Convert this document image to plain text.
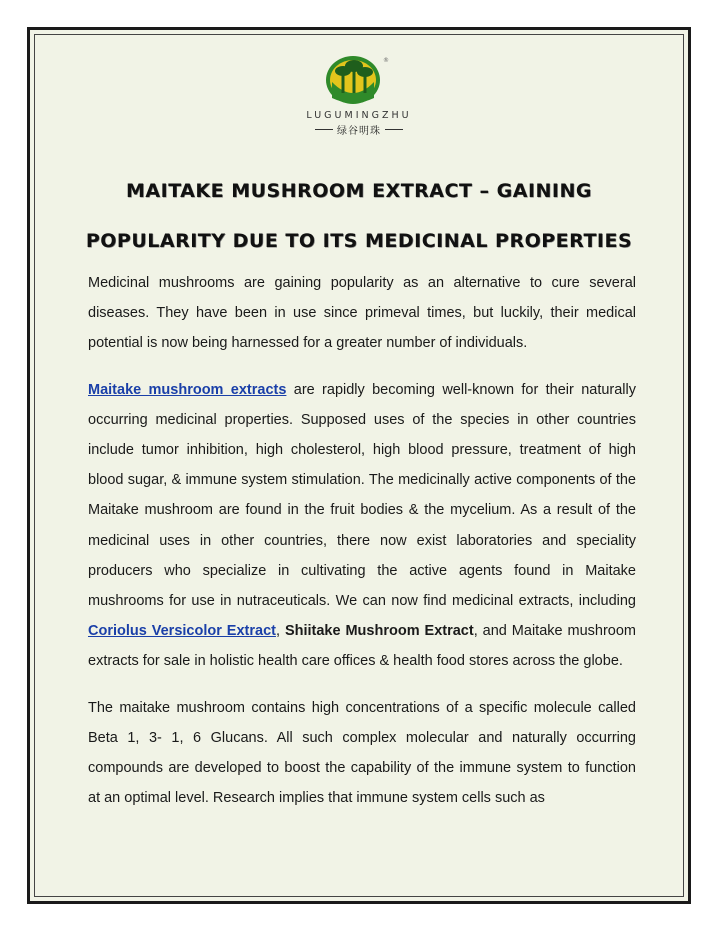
®
LUGUMINGZHU
绿谷明珠
MAITAKE MUSHROOM EXTRACT – GAINING
POPULARITY DUE TO ITS MEDICINAL PROPERTIES

Medicinal mushrooms are gaining popularity as an alternative to cure several diseases. They have been in use since primeval times, but luckily, their medical potential is now being harnessed for a greater number of individuals.

Maitake mushroom extracts are rapidly becoming well-known for their naturally occurring medicinal properties. Supposed uses of the species in other countries include tumor inhibition, high cholesterol, high blood pressure, treatment of high blood sugar, & immune system stimulation. The medicinally active components of the Maitake mushroom are found in the fruit bodies & the mycelium. As a result of the medicinal uses in other countries, there now exist laboratories and speciality producers who specialize in cultivating the active agents found in Maitake mushrooms for use in nutraceuticals. We can now find medicinal extracts, including Coriolus Versicolor Extract, Shiitake Mushroom Extract, and Maitake mushroom extracts for sale in holistic health care offices & health food stores across the globe.

The maitake mushroom contains high concentrations of a specific molecule called Beta 1, 3- 1, 6 Glucans. All such complex molecular and naturally occurring compounds are developed to boost the capability of the immune system to function at an optimal level. Research implies that immune system cells such as
